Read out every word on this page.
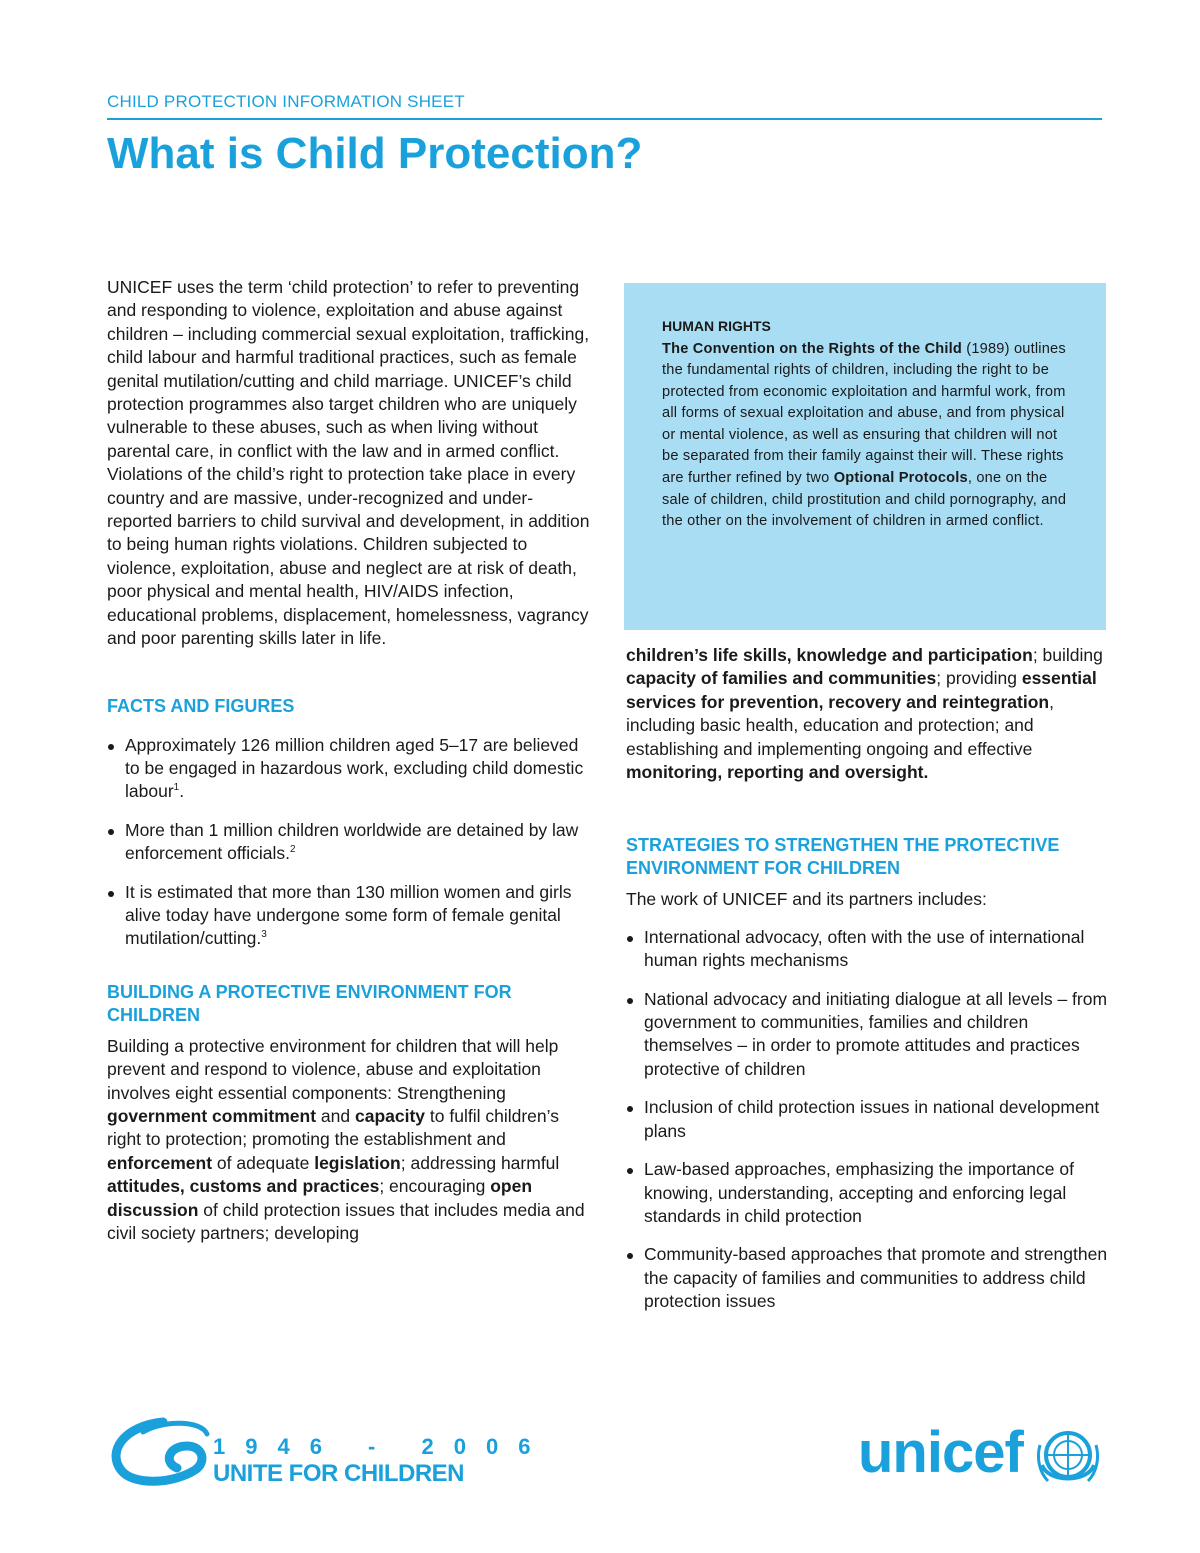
CHILD PROTECTION INFORMATION SHEET
What is Child Protection?

UNICEF uses the term ‘child protection’ to refer to preventing and responding to violence, exploitation and abuse against children – including commercial sexual exploitation, trafficking, child labour and harmful traditional practices, such as female genital mutilation/cutting and child marriage. UNICEF’s child protection programmes also target children who are uniquely vulnerable to these abuses, such as when living without parental care, in conflict with the law and in armed conflict. Violations of the child’s right to protection take place in every country and are massive, under-recognized and under-reported barriers to child survival and development, in addition to being human rights violations. Children subjected to violence, exploitation, abuse and neglect are at risk of death, poor physical and mental health, HIV/AIDS infection, educational problems, displacement, homelessness, vagrancy and poor parenting skills later in life.

FACTS AND FIGURES

Approximately 126 million children aged 5–17 are believed to be engaged in hazardous work, excluding child domestic labour$^1$.

More than 1 million children worldwide are detained by law enforcement officials.$^2$

It is estimated that more than 130 million women and girls alive today have undergone some form of female genital mutilation/cutting.$^3$

BUILDING A PROTECTIVE ENVIRONMENT FOR CHILDREN

Building a protective environment for children that will help prevent and respond to violence, abuse and exploitation involves eight essential components: Strengthening government commitment and capacity to fulfil children’s right to protection; promoting the establishment and enforcement of adequate legislation; addressing harmful attitudes, customs and practices; encouraging open discussion of child protection issues that includes media and civil society partners; developing

HUMAN RIGHTS

The Convention on the Rights of the Child (1989) outlines the fundamental rights of children, including the right to be protected from economic exploitation and harmful work, from all forms of sexual exploitation and abuse, and from physical or mental violence, as well as ensuring that children will not be separated from their family against their will. These rights are further refined by two Optional Protocols, one on the sale of children, child prostitution and child pornography, and the other on the involvement of children in armed conflict.

children’s life skills, knowledge and participation; building capacity of families and communities; providing essential services for prevention, recovery and reintegration, including basic health, education and protection; and establishing and implementing ongoing and effective monitoring, reporting and oversight.

STRATEGIES TO STRENGTHEN THE PROTECTIVE ENVIRONMENT FOR CHILDREN

The work of UNICEF and its partners includes:

International advocacy, often with the use of international human rights mechanisms

National advocacy and initiating dialogue at all levels – from government to communities, families and children themselves – in order to promote attitudes and practices protective of children

Inclusion of child protection issues in national development plans

Law-based approaches, emphasizing the importance of knowing, understanding, accepting and enforcing legal standards in child protection

Community-based approaches that promote and strengthen the capacity of families and communities to address child protection issues

1946 - 2006
UNITE FOR CHILDREN	unicef
